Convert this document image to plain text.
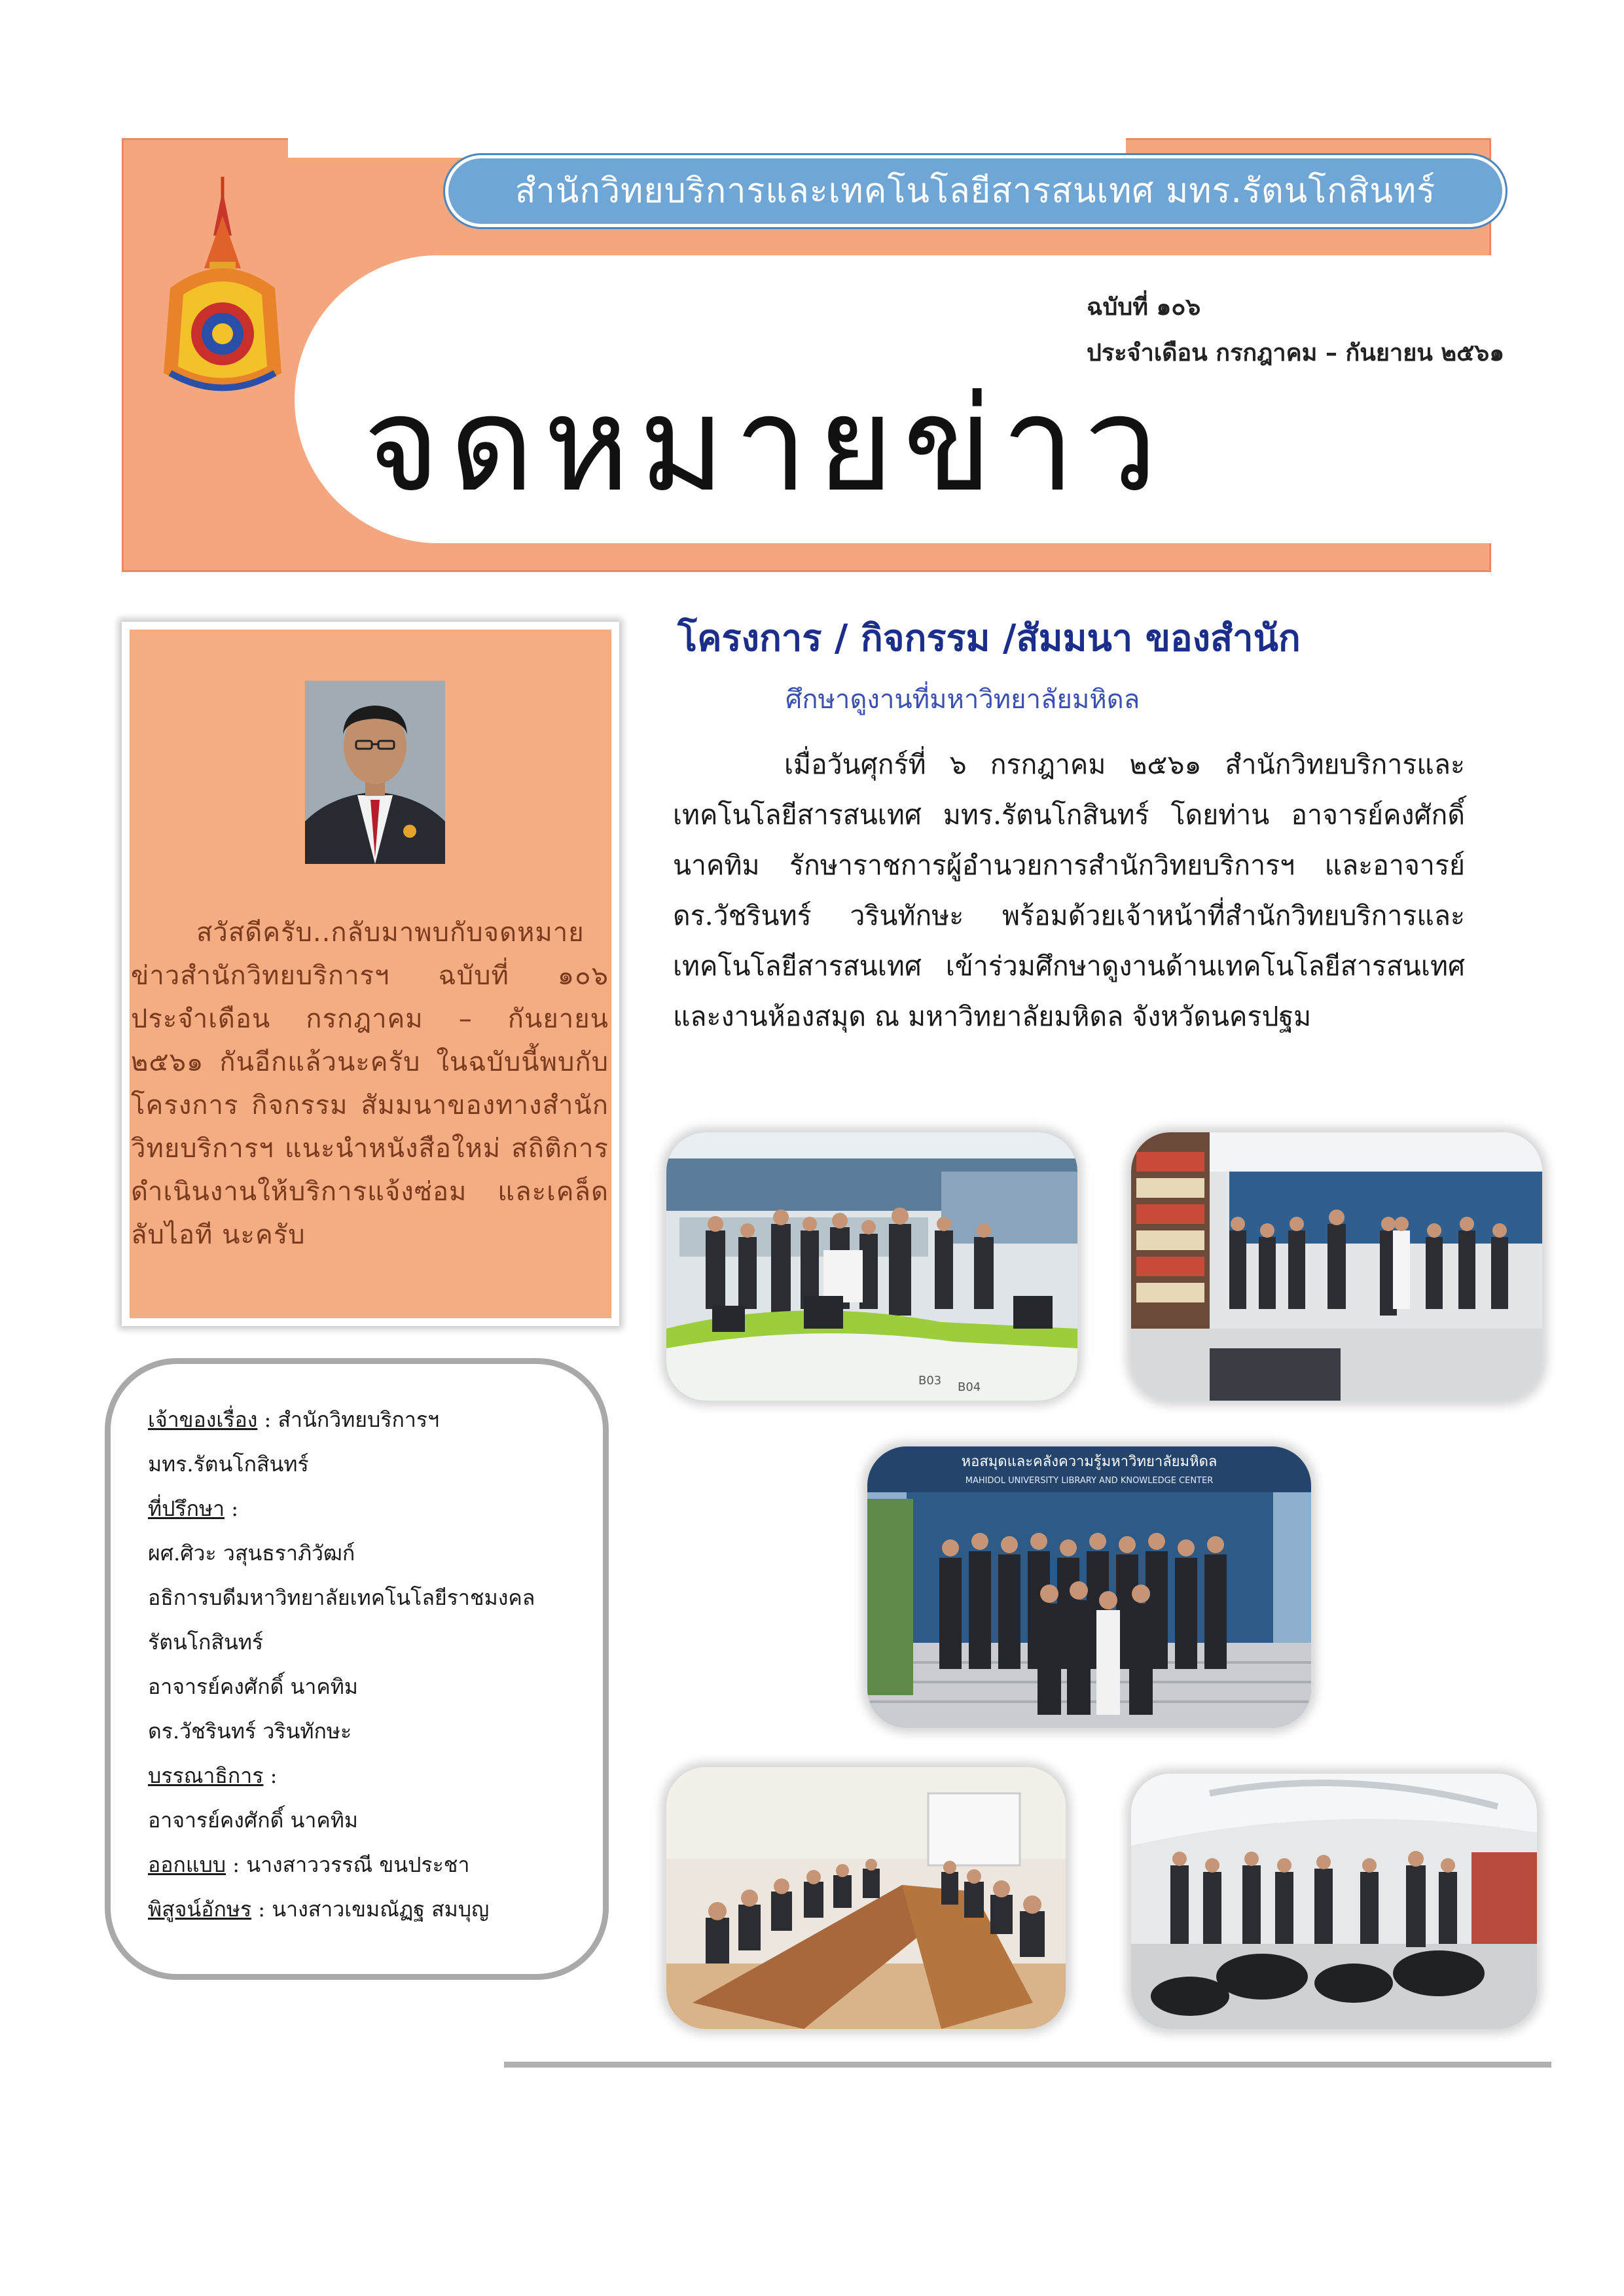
สำนักวิทยบริการและเทคโนโลยีสารสนเทศ มทร.รัตนโกสินทร์
ฉบับที่ ๑๐๖
ประจำเดือน กรกฎาคม – กันยายน ๒๕๖๑
จดหมายข่าว
สวัสดีครับ..กลับมาพบกับจดหมายข่าวสำนักวิทยบริการฯ ฉบับที่ ๑๐๖ ประจำเดือน กรกฎาคม – กันยายน ๒๕๖๑ กันอีกแล้วนะครับ ในฉบับนี้พบกับโครงการ กิจกรรม สัมมนาของทางสำนักวิทยบริการฯ แนะนำหนังสือใหม่ สถิติการดำเนินงานให้บริการแจ้งซ่อม และเคล็ดลับไอที นะครับ
เจ้าของเรื่อง : สำนักวิทยบริการฯ
มทร.รัตนโกสินทร์
ที่ปรึกษา :
ผศ.ศิวะ วสุนธราภิวัฒก์
อธิการบดีมหาวิทยาลัยเทคโนโลยีราชมงคล
รัตนโกสินทร์
อาจารย์คงศักดิ์ นาคทิม
ดร.วัชรินทร์ วรินทักษะ
บรรณาธิการ :
อาจารย์คงศักดิ์ นาคทิม
ออกแบบ : นางสาววรรณี ขนประชา
พิสูจน์อักษร : นางสาวเขมณัฏฐ สมบุญ
โครงการ / กิจกรรม /สัมมนา ของสำนัก
ศึกษาดูงานที่มหาวิทยาลัยมหิดล
เมื่อวันศุกร์ที่ ๖ กรกฎาคม ๒๕๖๑ สำนักวิทยบริการและเทคโนโลยีสารสนเทศ มทร.รัตนโกสินทร์ โดยท่าน อาจารย์คงศักดิ์ นาคทิม รักษาราชการผู้อำนวยการสำนักวิทยบริการฯ และอาจารย์ ดร.วัชรินทร์ วรินทักษะ พร้อมด้วยเจ้าหน้าที่สำนักวิทยบริการและเทคโนโลยีสารสนเทศ เข้าร่วมศึกษาดูงานด้านเทคโนโลยีสารสนเทศและงานห้องสมุด ณ มหาวิทยาลัยมหิดล จังหวัดนครปฐม
B03 B04
หอสมุดและคลังความรู้มหาวิทยาลัยมหิดล
MAHIDOL UNIVERSITY LIBRARY AND KNOWLEDGE CENTER
